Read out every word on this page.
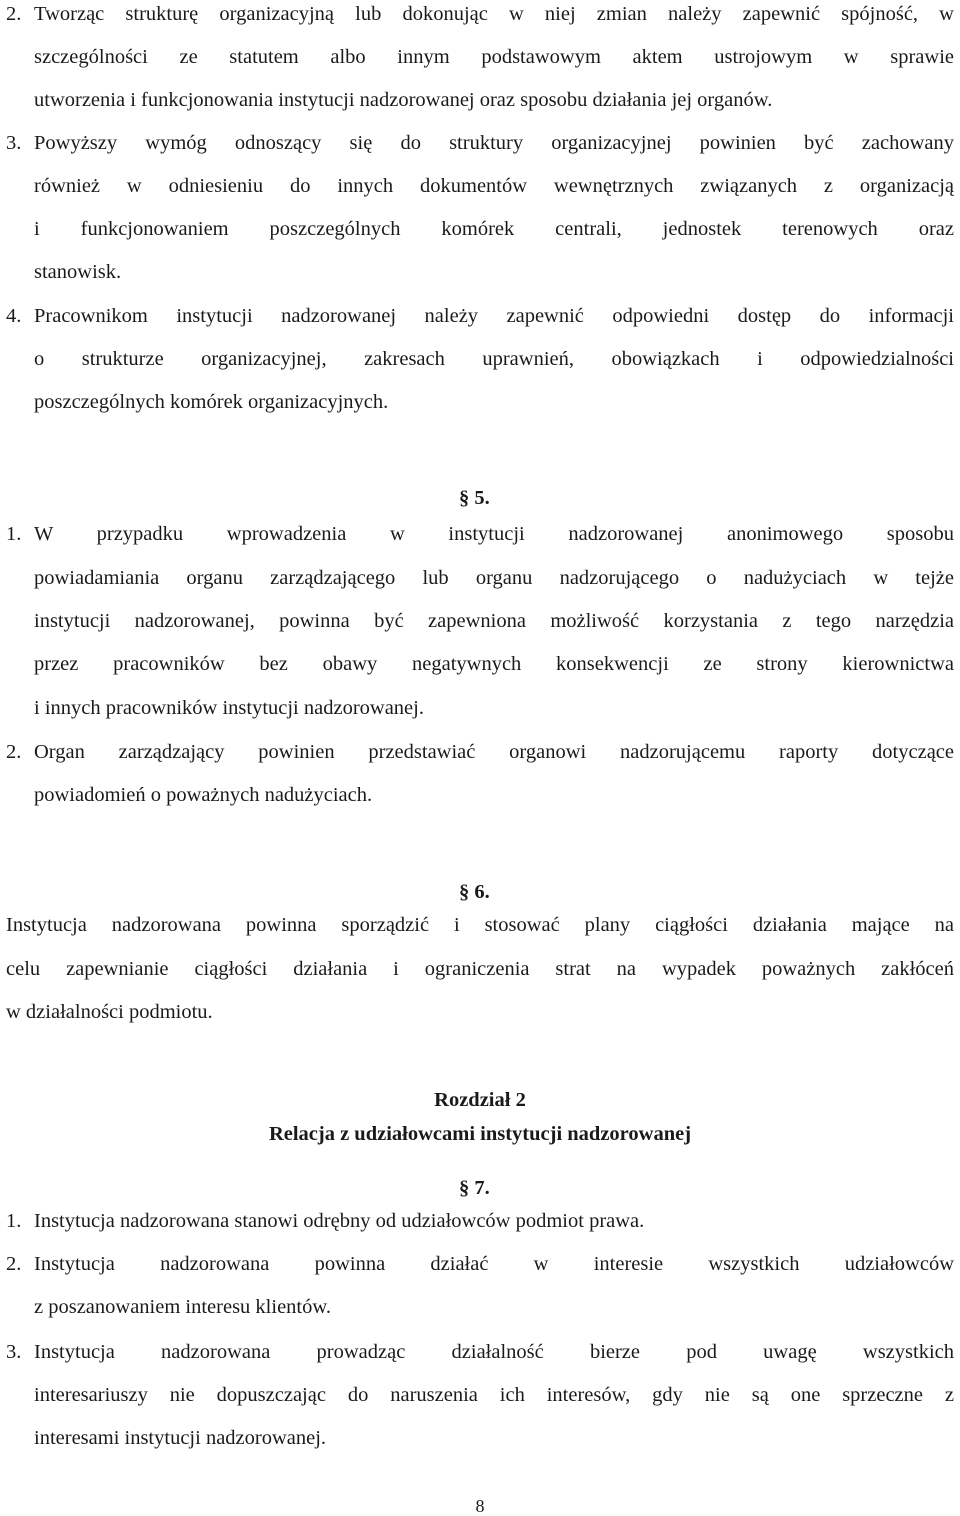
2. Tworząc strukturę organizacyjną lub dokonując w niej zmian należy zapewnić spójność, w
szczególności ze statutem albo innym podstawowym aktem ustrojowym w sprawie
utworzenia i funkcjonowania instytucji nadzorowanej oraz sposobu działania jej organów.
3. Powyższy wymóg odnoszący się do struktury organizacyjnej powinien być zachowany
również w odniesieniu do innych dokumentów wewnętrznych związanych z organizacją
i funkcjonowaniem poszczególnych komórek centrali, jednostek terenowych oraz
stanowisk.
4. Pracownikom instytucji nadzorowanej należy zapewnić odpowiedni dostęp do informacji
o strukturze organizacyjnej, zakresach uprawnień, obowiązkach i odpowiedzialności
poszczególnych komórek organizacyjnych.
§ 5.
1. W przypadku wprowadzenia w instytucji nadzorowanej anonimowego sposobu
powiadamiania organu zarządzającego lub organu nadzorującego o nadużyciach w tejże
instytucji nadzorowanej, powinna być zapewniona możliwość korzystania z tego narzędzia
przez pracowników bez obawy negatywnych konsekwencji ze strony kierownictwa
i innych pracowników instytucji nadzorowanej.
2. Organ zarządzający powinien przedstawiać organowi nadzorującemu raporty dotyczące
powiadomień o poważnych nadużyciach.
§ 6.
Instytucja nadzorowana powinna sporządzić i stosować plany ciągłości działania mające na
celu zapewnianie ciągłości działania i ograniczenia strat na wypadek poważnych zakłóceń
w działalności podmiotu.
Rozdział 2
Relacja z udziałowcami instytucji nadzorowanej
§ 7.
1. Instytucja nadzorowana stanowi odrębny od udziałowców podmiot prawa.
2. Instytucja nadzorowana powinna działać w interesie wszystkich udziałowców
z poszanowaniem interesu klientów.
3. Instytucja nadzorowana prowadząc działalność bierze pod uwagę wszystkich
interesariuszy nie dopuszczając do naruszenia ich interesów, gdy nie są one sprzeczne z
interesami instytucji nadzorowanej.
8
